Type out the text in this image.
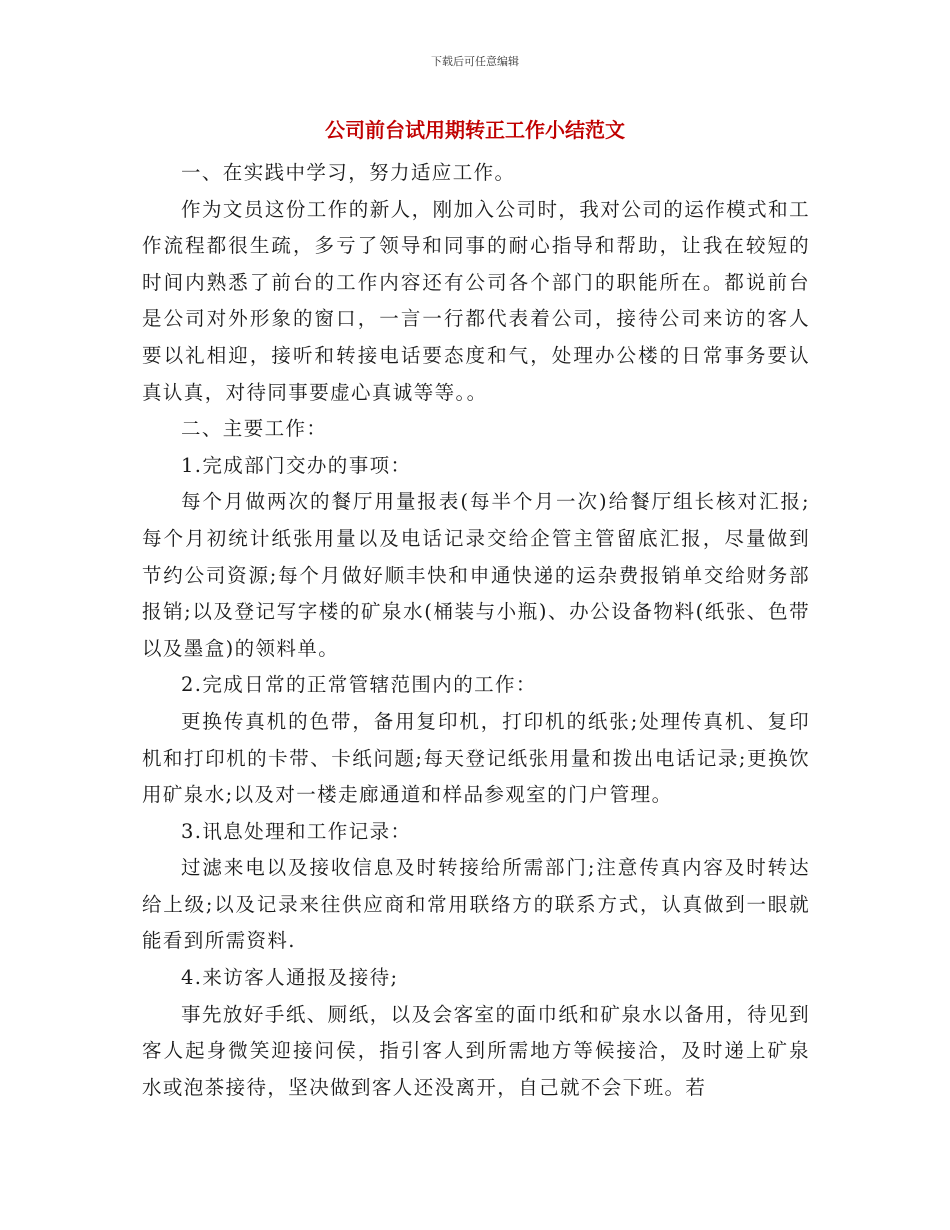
下载后可任意编辑
公司前台试用期转正工作小结范文

一、在实践中学习，努力适应工作。

作为文员这份工作的新人，刚加入公司时，我对公司的运作模式和工作流程都很生疏，多亏了领导和同事的耐心指导和帮助，让我在较短的时间内熟悉了前台的工作内容还有公司各个部门的职能所在。都说前台是公司对外形象的窗口，一言一行都代表着公司，接待公司来访的客人要以礼相迎，接听和转接电话要态度和气，处理办公楼的日常事务要认真认真，对待同事要虚心真诚等等。。

二、主要工作：

1.完成部门交办的事项：

每个月做两次的餐厅用量报表(每半个月一次)给餐厅组长核对汇报;每个月初统计纸张用量以及电话记录交给企管主管留底汇报，尽量做到节约公司资源;每个月做好顺丰快和申通快递的运杂费报销单交给财务部报销;以及登记写字楼的矿泉水(桶装与小瓶)、办公设备物料(纸张、色带以及墨盒)的领料单。

2.完成日常的正常管辖范围内的工作：

更换传真机的色带，备用复印机，打印机的纸张;处理传真机、复印机和打印机的卡带、卡纸问题;每天登记纸张用量和拨出电话记录;更换饮用矿泉水;以及对一楼走廊通道和样品参观室的门户管理。

3.讯息处理和工作记录：

过滤来电以及接收信息及时转接给所需部门;注意传真内容及时转达给上级;以及记录来往供应商和常用联络方的联系方式，认真做到一眼就能看到所需资料.

4.来访客人通报及接待;

事先放好手纸、厕纸，以及会客室的面巾纸和矿泉水以备用，待见到客人起身微笑迎接问侯，指引客人到所需地方等候接洽，及时递上矿泉水或泡茶接待，坚决做到客人还没离开，自己就不会下班。若
